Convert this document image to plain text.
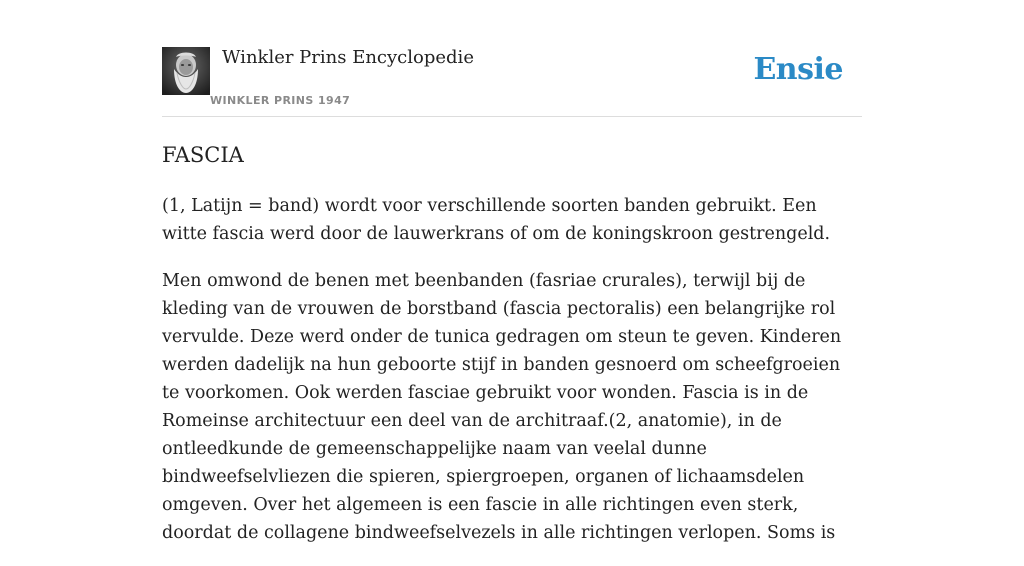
Winkler Prins Encyclopedie
WINKLER PRINS 1947
Ensie
FASCIA

(1, Latijn = band) wordt voor verschillende soorten banden gebruikt. Een witte fascia werd door de lauwerkrans of om de koningskroon gestrengeld.

Men omwond de benen met beenbanden (fasriae crurales), terwijl bij de kleding van de vrouwen de borstband (fascia pectoralis) een belangrijke rol vervulde. Deze werd onder de tunica gedragen om steun te geven. Kinderen werden dadelijk na hun geboorte stijf in banden gesnoerd om scheefgroeien te voorkomen. Ook werden fasciae gebruikt voor wonden. Fascia is in de Romeinse architectuur een deel van de architraaf.(2, anatomie), in de ontleedkunde de gemeenschappelijke naam van veelal dunne bindweefselvliezen die spieren, spiergroepen, organen of lichaamsdelen omgeven. Over het algemeen is een fascie in alle richtingen even sterk, doordat de collagene bindweefselvezels in alle richtingen verlopen. Soms is
